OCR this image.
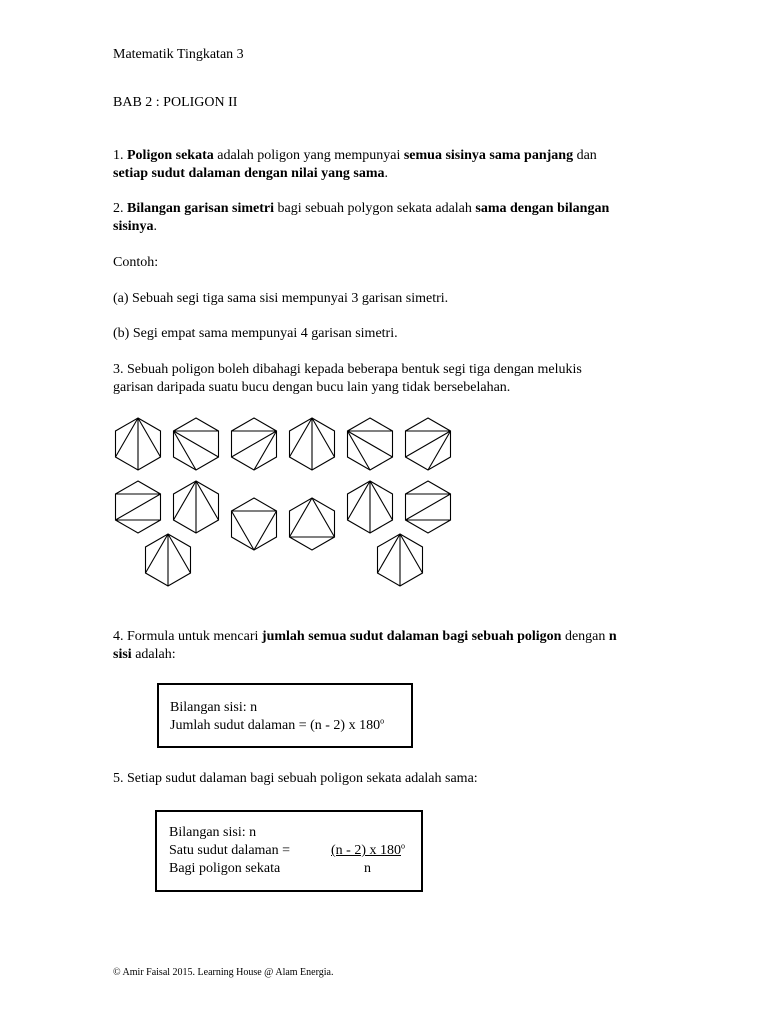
Matematik Tingkatan 3
BAB 2 : POLIGON II

1. Poligon sekata adalah poligon yang mempunyai semua sisinya sama panjang dan

setiap sudut dalaman dengan nilai yang sama.

2. Bilangan garisan simetri bagi sebuah polygon sekata adalah sama dengan bilangan

sisinya.

Contoh:
(a) Sebuah segi tiga sama sisi mempunyai 3 garisan simetri.
(b) Segi empat sama mempunyai 4 garisan simetri.

3. Sebuah poligon boleh dibahagi kepada beberapa bentuk segi tiga dengan melukis

garisan daripada suatu bucu dengan bucu lain yang tidak bersebelahan.

4. Formula untuk mencari jumlah semua sudut dalaman bagi sebuah poligon dengan n

sisi adalah:

Bilangan sisi: n
Jumlah sudut dalaman = (n - 2) x 180$^o$
5. Setiap sudut dalaman bagi sebuah poligon sekata adalah sama:
Bilangan sisi: n
Satu sudut dalaman =
Bagi poligon sekata
(n - 2) x 180$^o$
n
© Amir Faisal 2015. Learning House @ Alam Energia.
